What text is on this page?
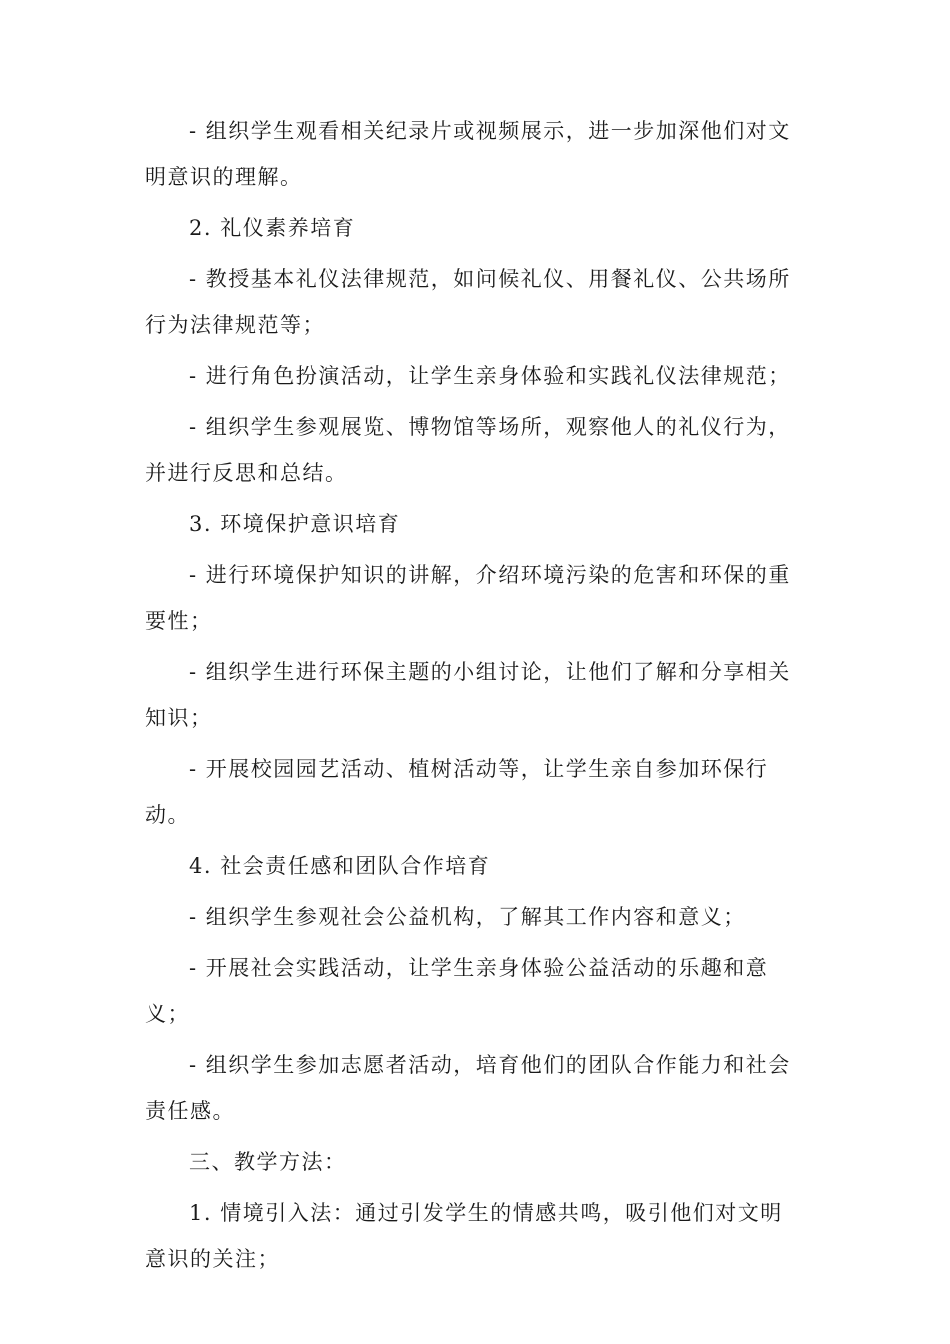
- 组织学生观看相关纪录片或视频展示，进一步加深他们对文明意识的理解。

2. 礼仪素养培育

- 教授基本礼仪法律规范，如问候礼仪、用餐礼仪、公共场所行为法律规范等；

- 进行角色扮演活动，让学生亲身体验和实践礼仪法律规范；

- 组织学生参观展览、博物馆等场所，观察他人的礼仪行为，并进行反思和总结。

3. 环境保护意识培育

- 进行环境保护知识的讲解，介绍环境污染的危害和环保的重要性；

- 组织学生进行环保主题的小组讨论，让他们了解和分享相关知识；

- 开展校园园艺活动、植树活动等，让学生亲自参加环保行动。

4. 社会责任感和团队合作培育

- 组织学生参观社会公益机构，了解其工作内容和意义；

- 开展社会实践活动，让学生亲身体验公益活动的乐趣和意义；

- 组织学生参加志愿者活动，培育他们的团队合作能力和社会责任感。

三、教学方法：

1. 情境引入法：通过引发学生的情感共鸣，吸引他们对文明意识的关注；
